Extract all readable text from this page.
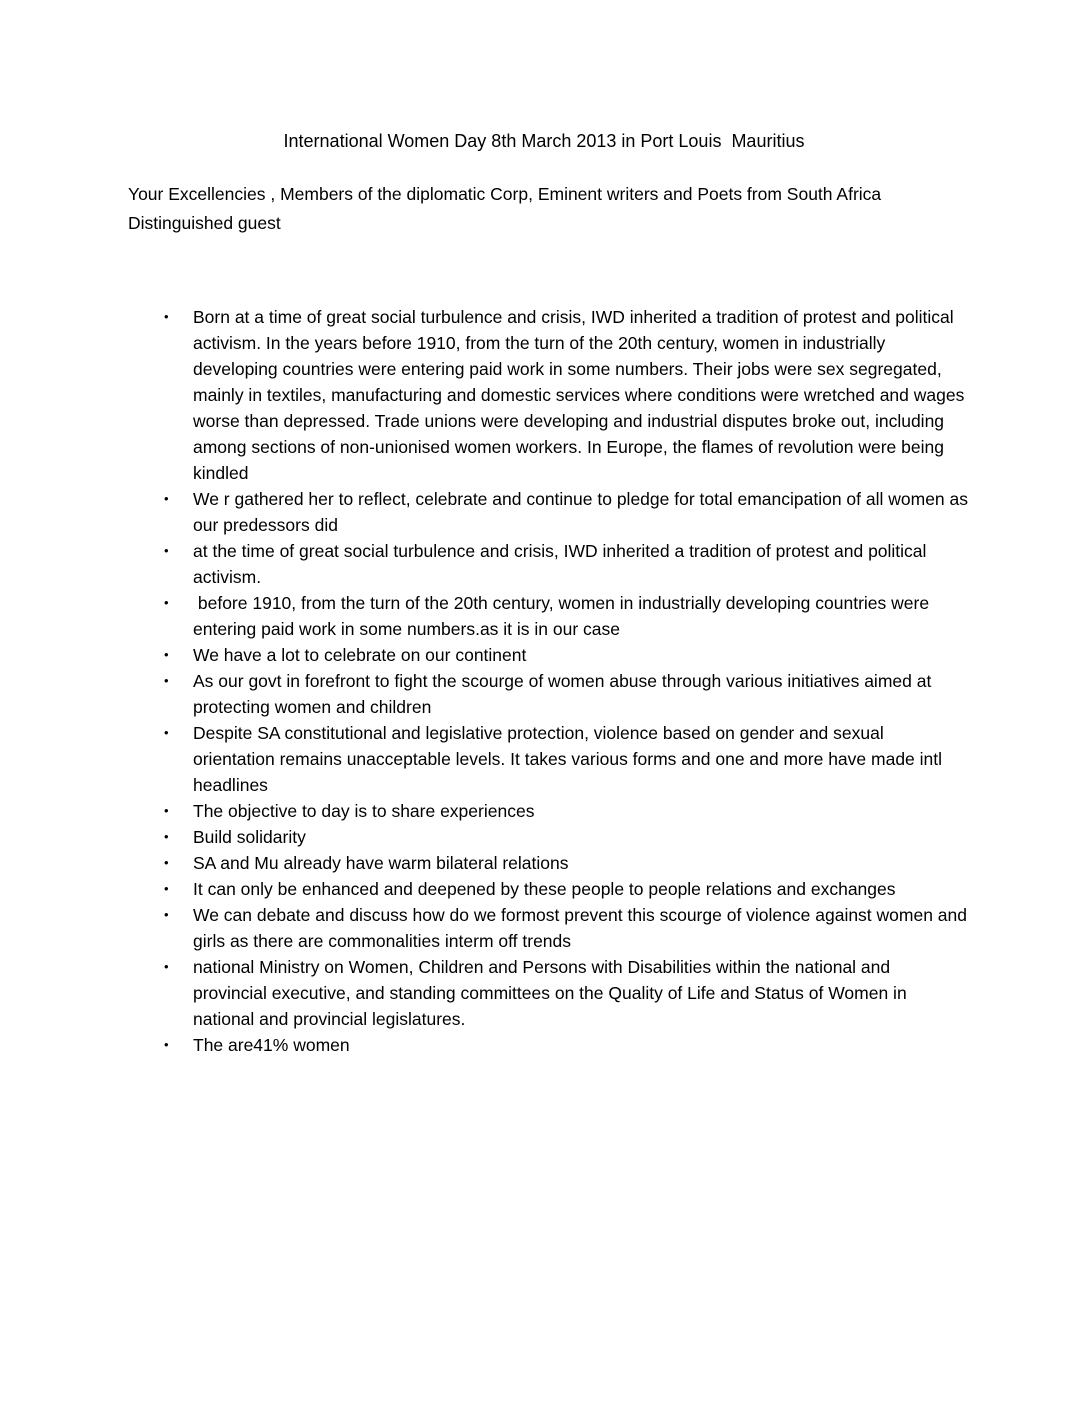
International Women Day 8th March 2013 in Port Louis  Mauritius

Your Excellencies , Members of the diplomatic Corp, Eminent writers and Poets from South Africa Distinguished guest

• Born at a time of great social turbulence and crisis, IWD inherited a tradition of protest and political activism. In the years before 1910, from the turn of the 20th century, women in industrially developing countries were entering paid work in some numbers. Their jobs were sex segregated, mainly in textiles, manufacturing and domestic services where conditions were wretched and wages worse than depressed. Trade unions were developing and industrial disputes broke out, including among sections of non-unionised women workers. In Europe, the flames of revolution were being kindled
• We r gathered her to reflect, celebrate and continue to pledge for total emancipation of all women as our predessors did
• at the time of great social turbulence and crisis, IWD inherited a tradition of protest and political activism.
• before 1910, from the turn of the 20th century, women in industrially developing countries were entering paid work in some numbers.as it is in our case
• We have a lot to celebrate on our continent
• As our govt in forefront to fight the scourge of women abuse through various initiatives aimed at protecting women and children
• Despite SA constitutional and legislative protection, violence based on gender and sexual orientation remains unacceptable levels. It takes various forms and one and more have made intl headlines
• The objective to day is to share experiences
• Build solidarity
• SA and Mu already have warm bilateral relations
• It can only be enhanced and deepened by these people to people relations and exchanges
• We can debate and discuss how do we formost prevent this scourge of violence against women and girls as there are commonalities interm off trends
• national Ministry on Women, Children and Persons with Disabilities within the national and provincial executive, and standing committees on the Quality of Life and Status of Women in national and provincial legislatures.
• The are41% women
